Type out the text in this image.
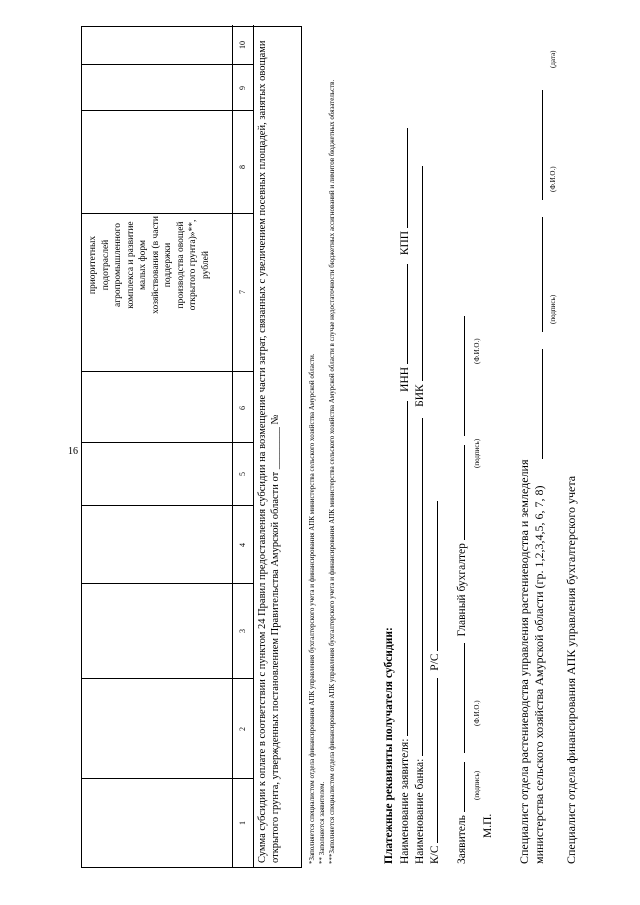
16
приоритетных подотраслей агропромышленного комплекса и развитие малых форм хозяйствования (в части поддержки производства овощей открытого грунта)»**, рублей
1
2
3
4
5
6
7
8
9
10 Сумма субсидии к оплате в соответствии с пунктом 24 Правил предоставления субсидии на возмещение части затрат, связанных с увеличением посевных площадей, занятых овощами открытого грунта, утвержденных постановлением Правительства Амурской области от ________ №	*Заполняется специалистом отдела финансирования АПК управления бухгалтерского учета и финансирования АПК министерства сельского хозяйства Амурской области. ** Заполняется заявителем. ***Заполняется специалистом отдела финансирования АПК управления бухгалтерского учета и финансирования АПК министерства сельского хозяйства Амурской области в случае недостаточности бюджетных ассигнований и лимитов бюджетных обязательств.	Платежные реквизиты получателя субсидии: Наименование заявителя:  ИНН  КПП
Наименование банка:  БИК
К/С  Р/С
Заявитель   Главный бухгалтер
(подпись)
(Ф.И.О.)
(подпись)
(Ф.И.О.)
М.П. Специалист отдела растениеводства управления растениеводства и земледелия министерства сельского хозяйства Амурской области (гр. 1,2,3,4,5, 6, 7, 8)
(подпись)
(Ф.И.О.)
(дата)
Специалист отдела финансирования АПК управления бухгалтерского учета
